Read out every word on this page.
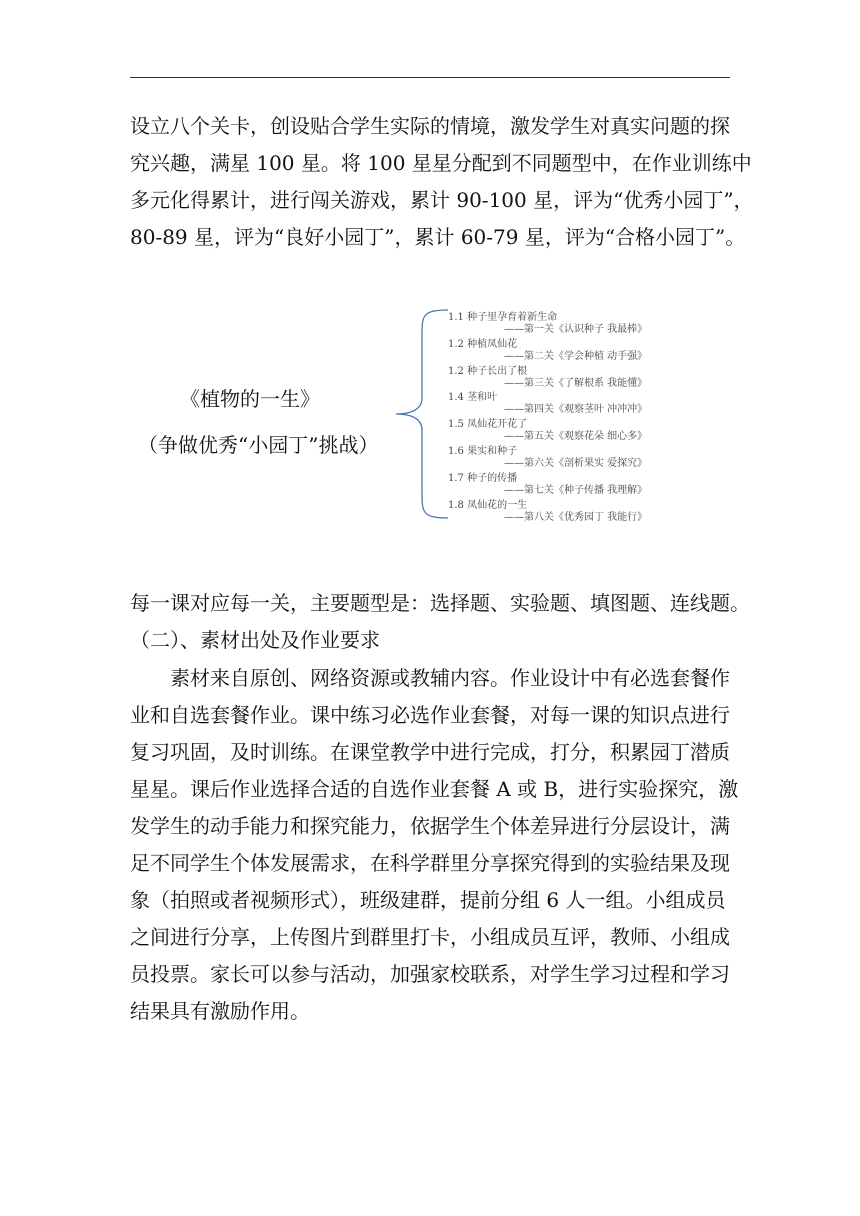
设立八个关卡，创设贴合学生实际的情境，激发学生对真实问题的探
究兴趣，满星 100 星。将 100 星星分配到不同题型中，在作业训练中
多元化得累计，进行闯关游戏，累计 90-100 星，评为“优秀小园丁”，
80-89 星，评为“良好小园丁”，累计 60-79 星，评为“合格小园丁”。

《植物的一生》
（争做优秀“小园丁”挑战）
1.1 种子里孕育着新生命
——第一关《认识种子 我最棒》
1.2 种植凤仙花
——第二关《学会种植 动手强》
1.2 种子长出了根
——第三关《了解根系 我能懂》
1.4 茎和叶
——第四关《观察茎叶 冲冲冲》
1.5 凤仙花开花了
——第五关《观察花朵 细心多》
1.6 果实和种子
——第六关《剖析果实 爱探究》
1.7 种子的传播
——第七关《种子传播 我理解》
1.8 凤仙花的一生
——第八关《优秀园丁 我能行》

每一课对应每一关，主要题型是：选择题、实验题、填图题、连线题。

（二）、素材出处及作业要求

　　素材来自原创、网络资源或教辅内容。作业设计中有必选套餐作
业和自选套餐作业。课中练习必选作业套餐，对每一课的知识点进行
复习巩固，及时训练。在课堂教学中进行完成，打分，积累园丁潜质
星星。课后作业选择合适的自选作业套餐 A 或 B，进行实验探究，激
发学生的动手能力和探究能力，依据学生个体差异进行分层设计，满
足不同学生个体发展需求，在科学群里分享探究得到的实验结果及现
象（拍照或者视频形式），班级建群，提前分组 6 人一组。小组成员
之间进行分享，上传图片到群里打卡，小组成员互评，教师、小组成
员投票。家长可以参与活动，加强家校联系，对学生学习过程和学习
结果具有激励作用。
